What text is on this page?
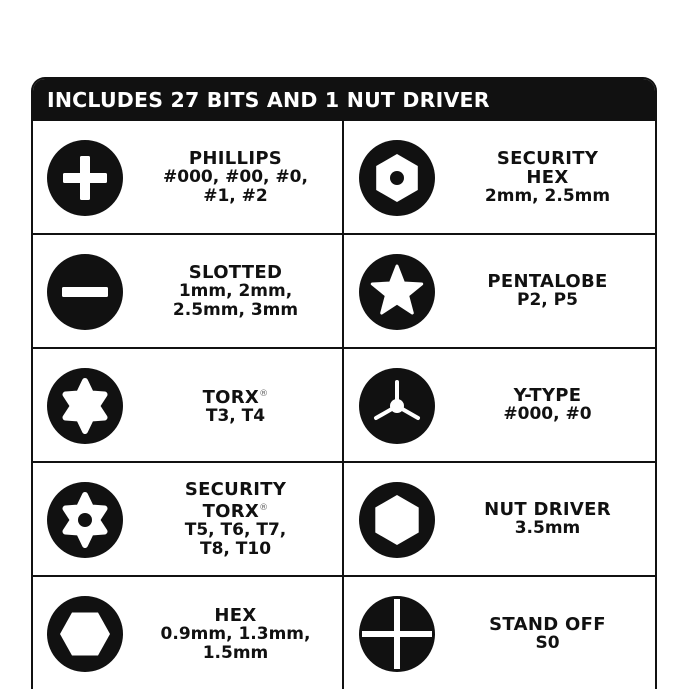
INCLUDES 27 BITS AND 1 NUT DRIVER
PHILLIPS
#000, #00, #0,
#1, #2
SECURITY
HEX
2mm, 2.5mm
SLOTTED
1mm, 2mm,
2.5mm, 3mm
PENTALOBE
P2, P5
TORX®
T3, T4
Y-TYPE
#000, #0
SECURITY
TORX®
T5, T6, T7,
T8, T10
NUT DRIVER
3.5mm
HEX
0.9mm, 1.3mm,
1.5mm
STAND OFF
S0
